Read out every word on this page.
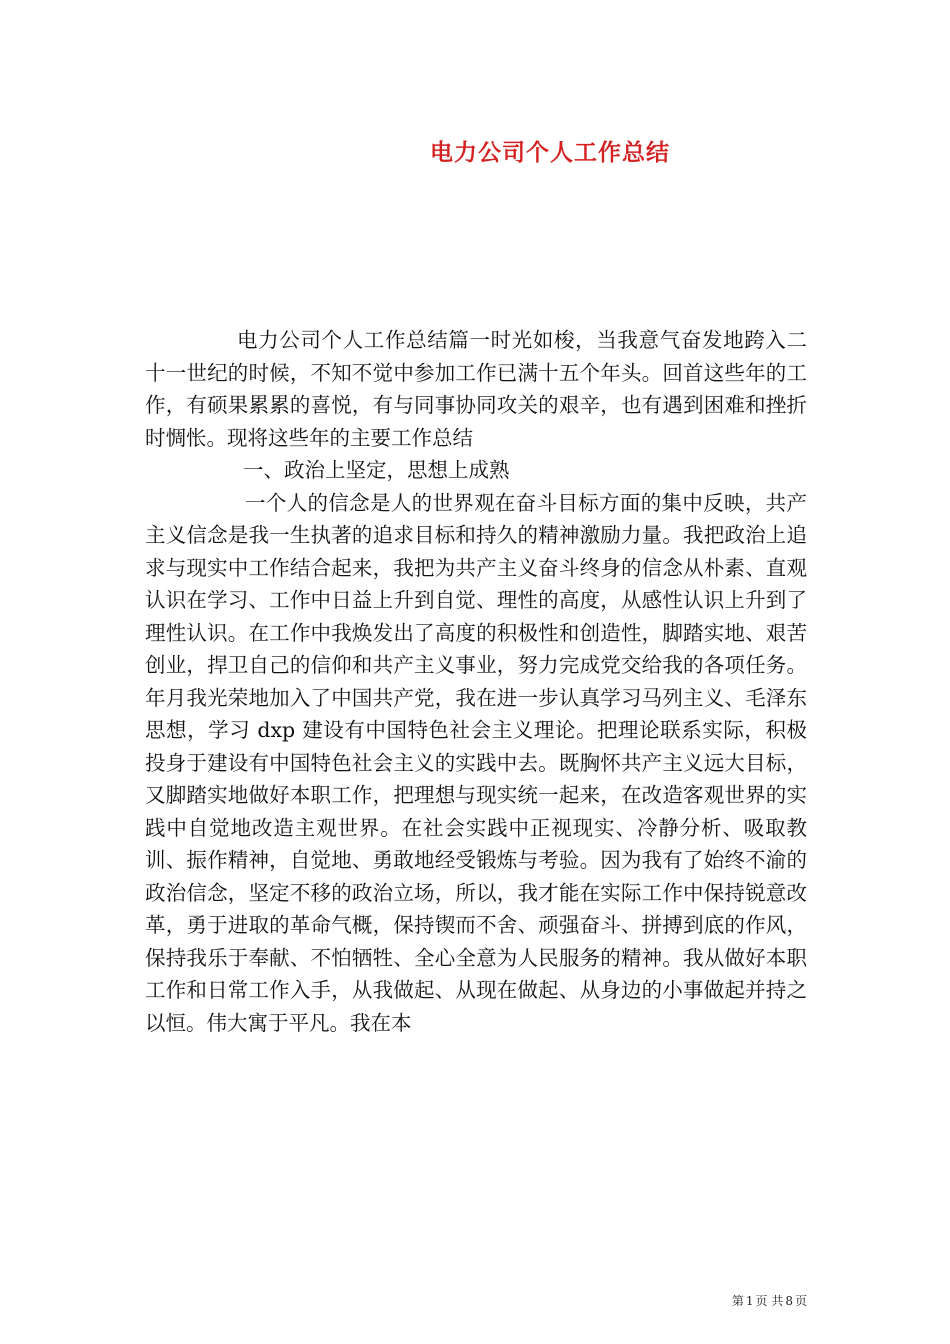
电力公司个人工作总结

电力公司个人工作总结篇一时光如梭，当我意气奋发地跨入二十一世纪的时候，不知不觉中参加工作已满十五个年头。回首这些年的工作，有硕果累累的喜悦，有与同事协同攻关的艰辛，也有遇到困难和挫折时惆怅。现将这些年的主要工作总结

一、政治上坚定，思想上成熟

一个人的信念是人的世界观在奋斗目标方面的集中反映，共产主义信念是我一生执著的追求目标和持久的精神激励力量。我把政治上追求与现实中工作结合起来，我把为共产主义奋斗终身的信念从朴素、直观认识在学习、工作中日益上升到自觉、理性的高度，从感性认识上升到了理性认识。在工作中我焕发出了高度的积极性和创造性，脚踏实地、艰苦创业，捍卫自己的信仰和共产主义事业，努力完成党交给我的各项任务。年月我光荣地加入了中国共产党，我在进一步认真学习马列主义、毛泽东思想，学习 dxp 建设有中国特色社会主义理论。把理论联系实际，积极投身于建设有中国特色社会主义的实践中去。既胸怀共产主义远大目标，又脚踏实地做好本职工作，把理想与现实统一起来，在改造客观世界的实践中自觉地改造主观世界。在社会实践中正视现实、冷静分析、吸取教训、振作精神，自觉地、勇敢地经受锻炼与考验。因为我有了始终不渝的政治信念，坚定不移的政治立场，所以，我才能在实际工作中保持锐意改革，勇于进取的革命气概，保持锲而不舍、顽强奋斗、拼搏到底的作风，保持我乐于奉献、不怕牺牲、全心全意为人民服务的精神。我从做好本职工作和日常工作入手，从我做起、从现在做起、从身边的小事做起并持之以恒。伟大寓于平凡。我在本

第 1 页 共 8 页
